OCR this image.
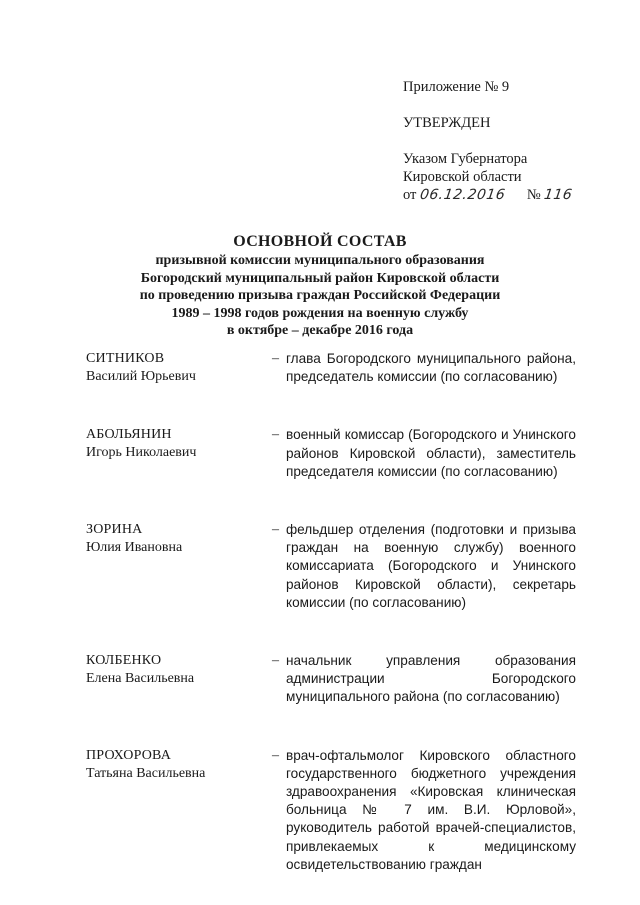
Приложение № 9
УТВЕРЖДЕН
Указом Губернатора
Кировской области
от 06.12.2016 № 116
ОСНОВНОЙ СОСТАВ
призывной комиссии муниципального образования
Богородский муниципальный район Кировской области
по проведению призыва граждан Российской Федерации
1989 – 1998 годов рождения на военную службу
в октябре – декабре 2016 года
СИТНИКОВ
Василий Юрьевич
– глава Богородского муниципального района, председатель комиссии (по согласованию)
АБОЛЬЯНИН
Игорь Николаевич
– военный комиссар (Богородского и Унинского районов Кировской области), заместитель председателя комиссии (по согласованию)
ЗОРИНА
Юлия Ивановна
– фельдшер отделения (подготовки и призыва граждан на военную службу) военного комиссариата (Богородского и Унинского районов Кировской области), секретарь комиссии (по согласованию)
КОЛБЕНКО
Елена Васильевна
– начальник управления образования администрации Богородского муниципального района (по согласованию)
ПРОХОРОВА
Татьяна Васильевна
– врач-офтальмолог Кировского областного государственного бюджетного учреждения здравоохранения «Кировская клиническая больница № 7 им. В.И. Юрловой», руководитель работой врачей-специалистов, привлекаемых к медицинскому освидетельствованию граждан
